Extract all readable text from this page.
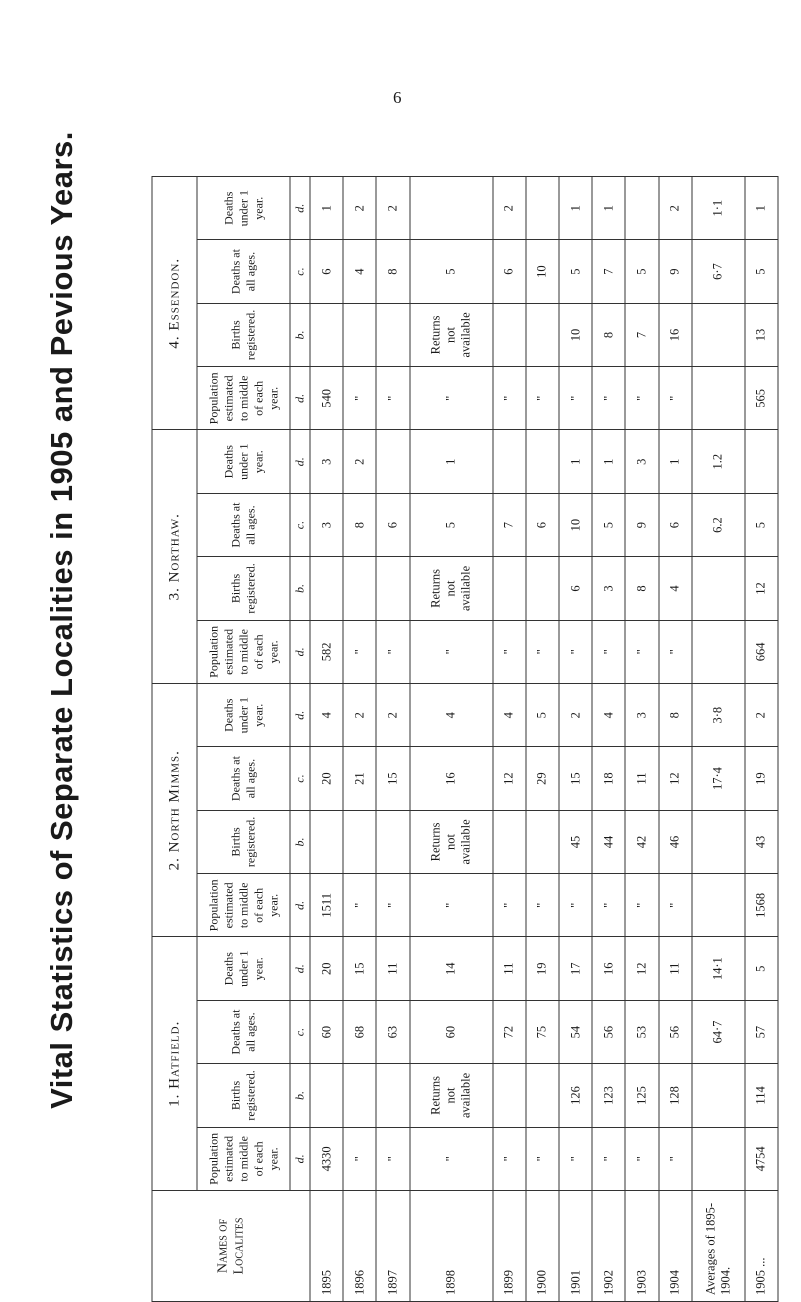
6
Vital Statistics of Separate Localities in 1905 and Pevious Years.
Names of Localites	1. Hatfield.				2. North Mimms.				3. Northaw.				4. Essendon.			
	Population estimated to middle of each year.	Births registered.	Deaths at all ages.	Deaths under 1 year.	Population estimated to middle of each year.	Births registered.	Deaths at all ages.	Deaths under 1 year.	Population estimated to middle of each year.	Births registered.	Deaths at all ages.	Deaths under 1 year.	Population estimated to middle of each year.	Births registered.	Deaths at all ages.	Deaths under 1 year.
	d.	b.	c.	d.	d.	b.	c.	d.	d.	b.	c.	d.	d.	b.	c.	d.
1895	4330		60	20	1511		20	4	582		3	3	540		6	1
1896	"		68	15	"		21	2	"		8	2	"		4	2
1897	"		63	11	"		15	2	"		6		"		8	2
1898	"	Returns not available	60	14	"	Returns not available	16	4	"	Returns not available	5	1	"	Returns not available	5	
1899	"		72	11	"		12	4	"		7		"		6	2
1900	"		75	19	"		29	5	"		6		"		10	
1901	"	126	54	17	"	45	15	2	"	6	10	1	"	10	5	1
1902	"	123	56	16	"	44	18	4	"	3	5	1	"	8	7	1
1903	"	125	53	12	"	42	11	3	"	8	9	3	"	7	5	
1904	"	128	56	11	"	46	12	8	"	4	6	1	"	16	9	2
Averages of 1895-1904.			64·7	14·1			17·4	3·8			6.2	1.2			6·7	1·1
1905 ...	4754	114	57	5	1568	43	19	2	664	12	5		565	13	5	1
